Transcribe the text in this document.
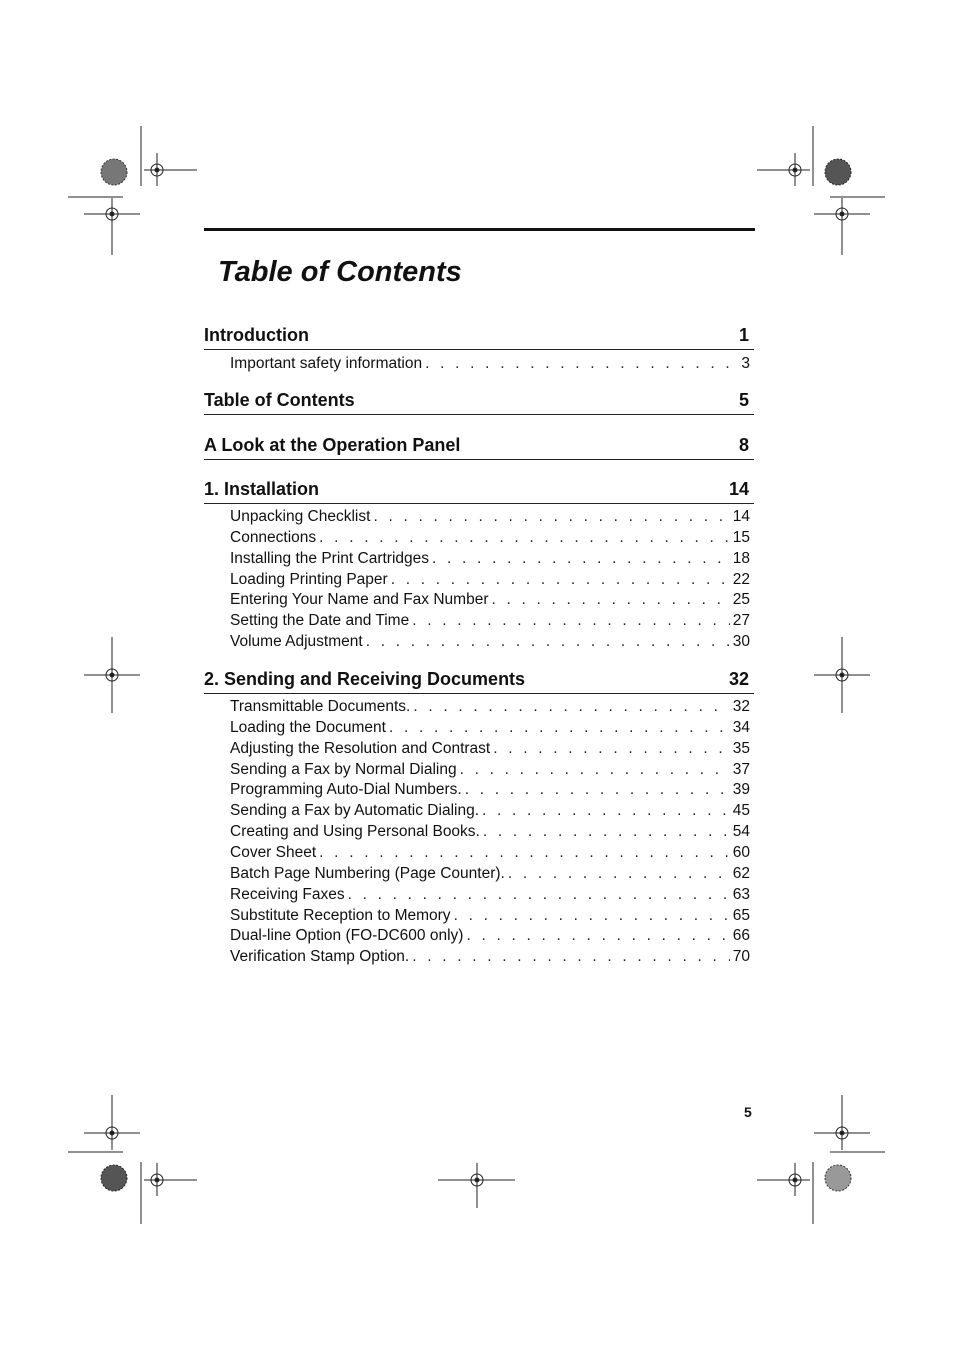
Table of Contents
Introduction	1
Important safety information . . .	3
Table of Contents	5
A Look at the Operation Panel	8
1. Installation	14
Unpacking Checklist . . .	14
Connections . . .	15
Installing the Print Cartridges . . .	18
Loading Printing Paper . . .	22
Entering Your Name and Fax Number . . .	25
Setting the Date and Time . . .	27
Volume Adjustment . . .	30
2. Sending and Receiving Documents	32
Transmittable Documents. . . .	32
Loading the Document . . .	34
Adjusting the Resolution and Contrast . . .	35
Sending a Fax by Normal Dialing . . .	37
Programming Auto-Dial Numbers. . . .	39
Sending a Fax by Automatic Dialing. . . .	45
Creating and Using Personal Books. . . .	54
Cover Sheet . . .	60
Batch Page Numbering (Page Counter). . . .	62
Receiving Faxes . . .	63
Substitute Reception to Memory . . .	65
Dual-line Option (FO-DC600 only) . . .	66
Verification Stamp Option. . . .	70
5
